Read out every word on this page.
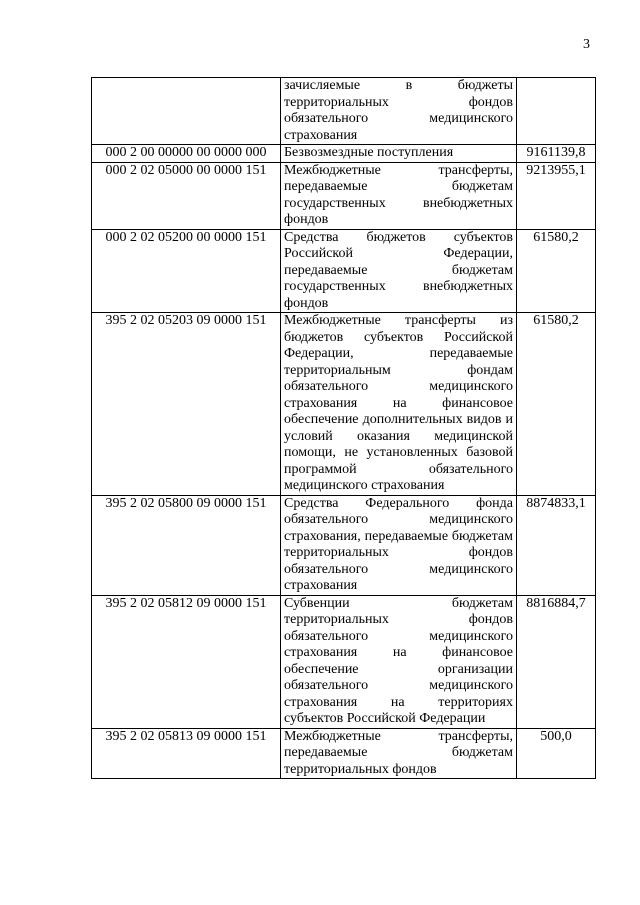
3
	зачисляемые в бюджеты территориальных фондов обязательного медицинского страхования	
000 2 00 00000 00 0000 000	Безвозмездные поступления	9161139,8
000 2 02 05000 00 0000 151	Межбюджетные трансферты, передаваемые бюджетам государственных внебюджетных фондов	9213955,1
000 2 02 05200 00 0000 151	Средства бюджетов субъектов Российской Федерации, передаваемые бюджетам государственных внебюджетных фондов	61580,2
395 2 02 05203 09 0000 151	Межбюджетные трансферты из бюджетов субъектов Российской Федерации, передаваемые территориальным фондам обязательного медицинского страхования на финансовое обеспечение дополнительных видов и условий оказания медицинской помощи, не установленных базовой программой обязательного медицинского страхования	61580,2
395 2 02 05800 09 0000 151	Средства Федерального фонда обязательного медицинского страхования, передаваемые бюджетам территориальных фондов обязательного медицинского страхования	8874833,1
395 2 02 05812 09 0000 151	Субвенции бюджетам территориальных фондов обязательного медицинского страхования на финансовое обеспечение организации обязательного медицинского страхования на территориях субъектов Российской Федерации	8816884,7
395 2 02 05813 09 0000 151	Межбюджетные трансферты, передаваемые бюджетам территориальных фондов	500,0
